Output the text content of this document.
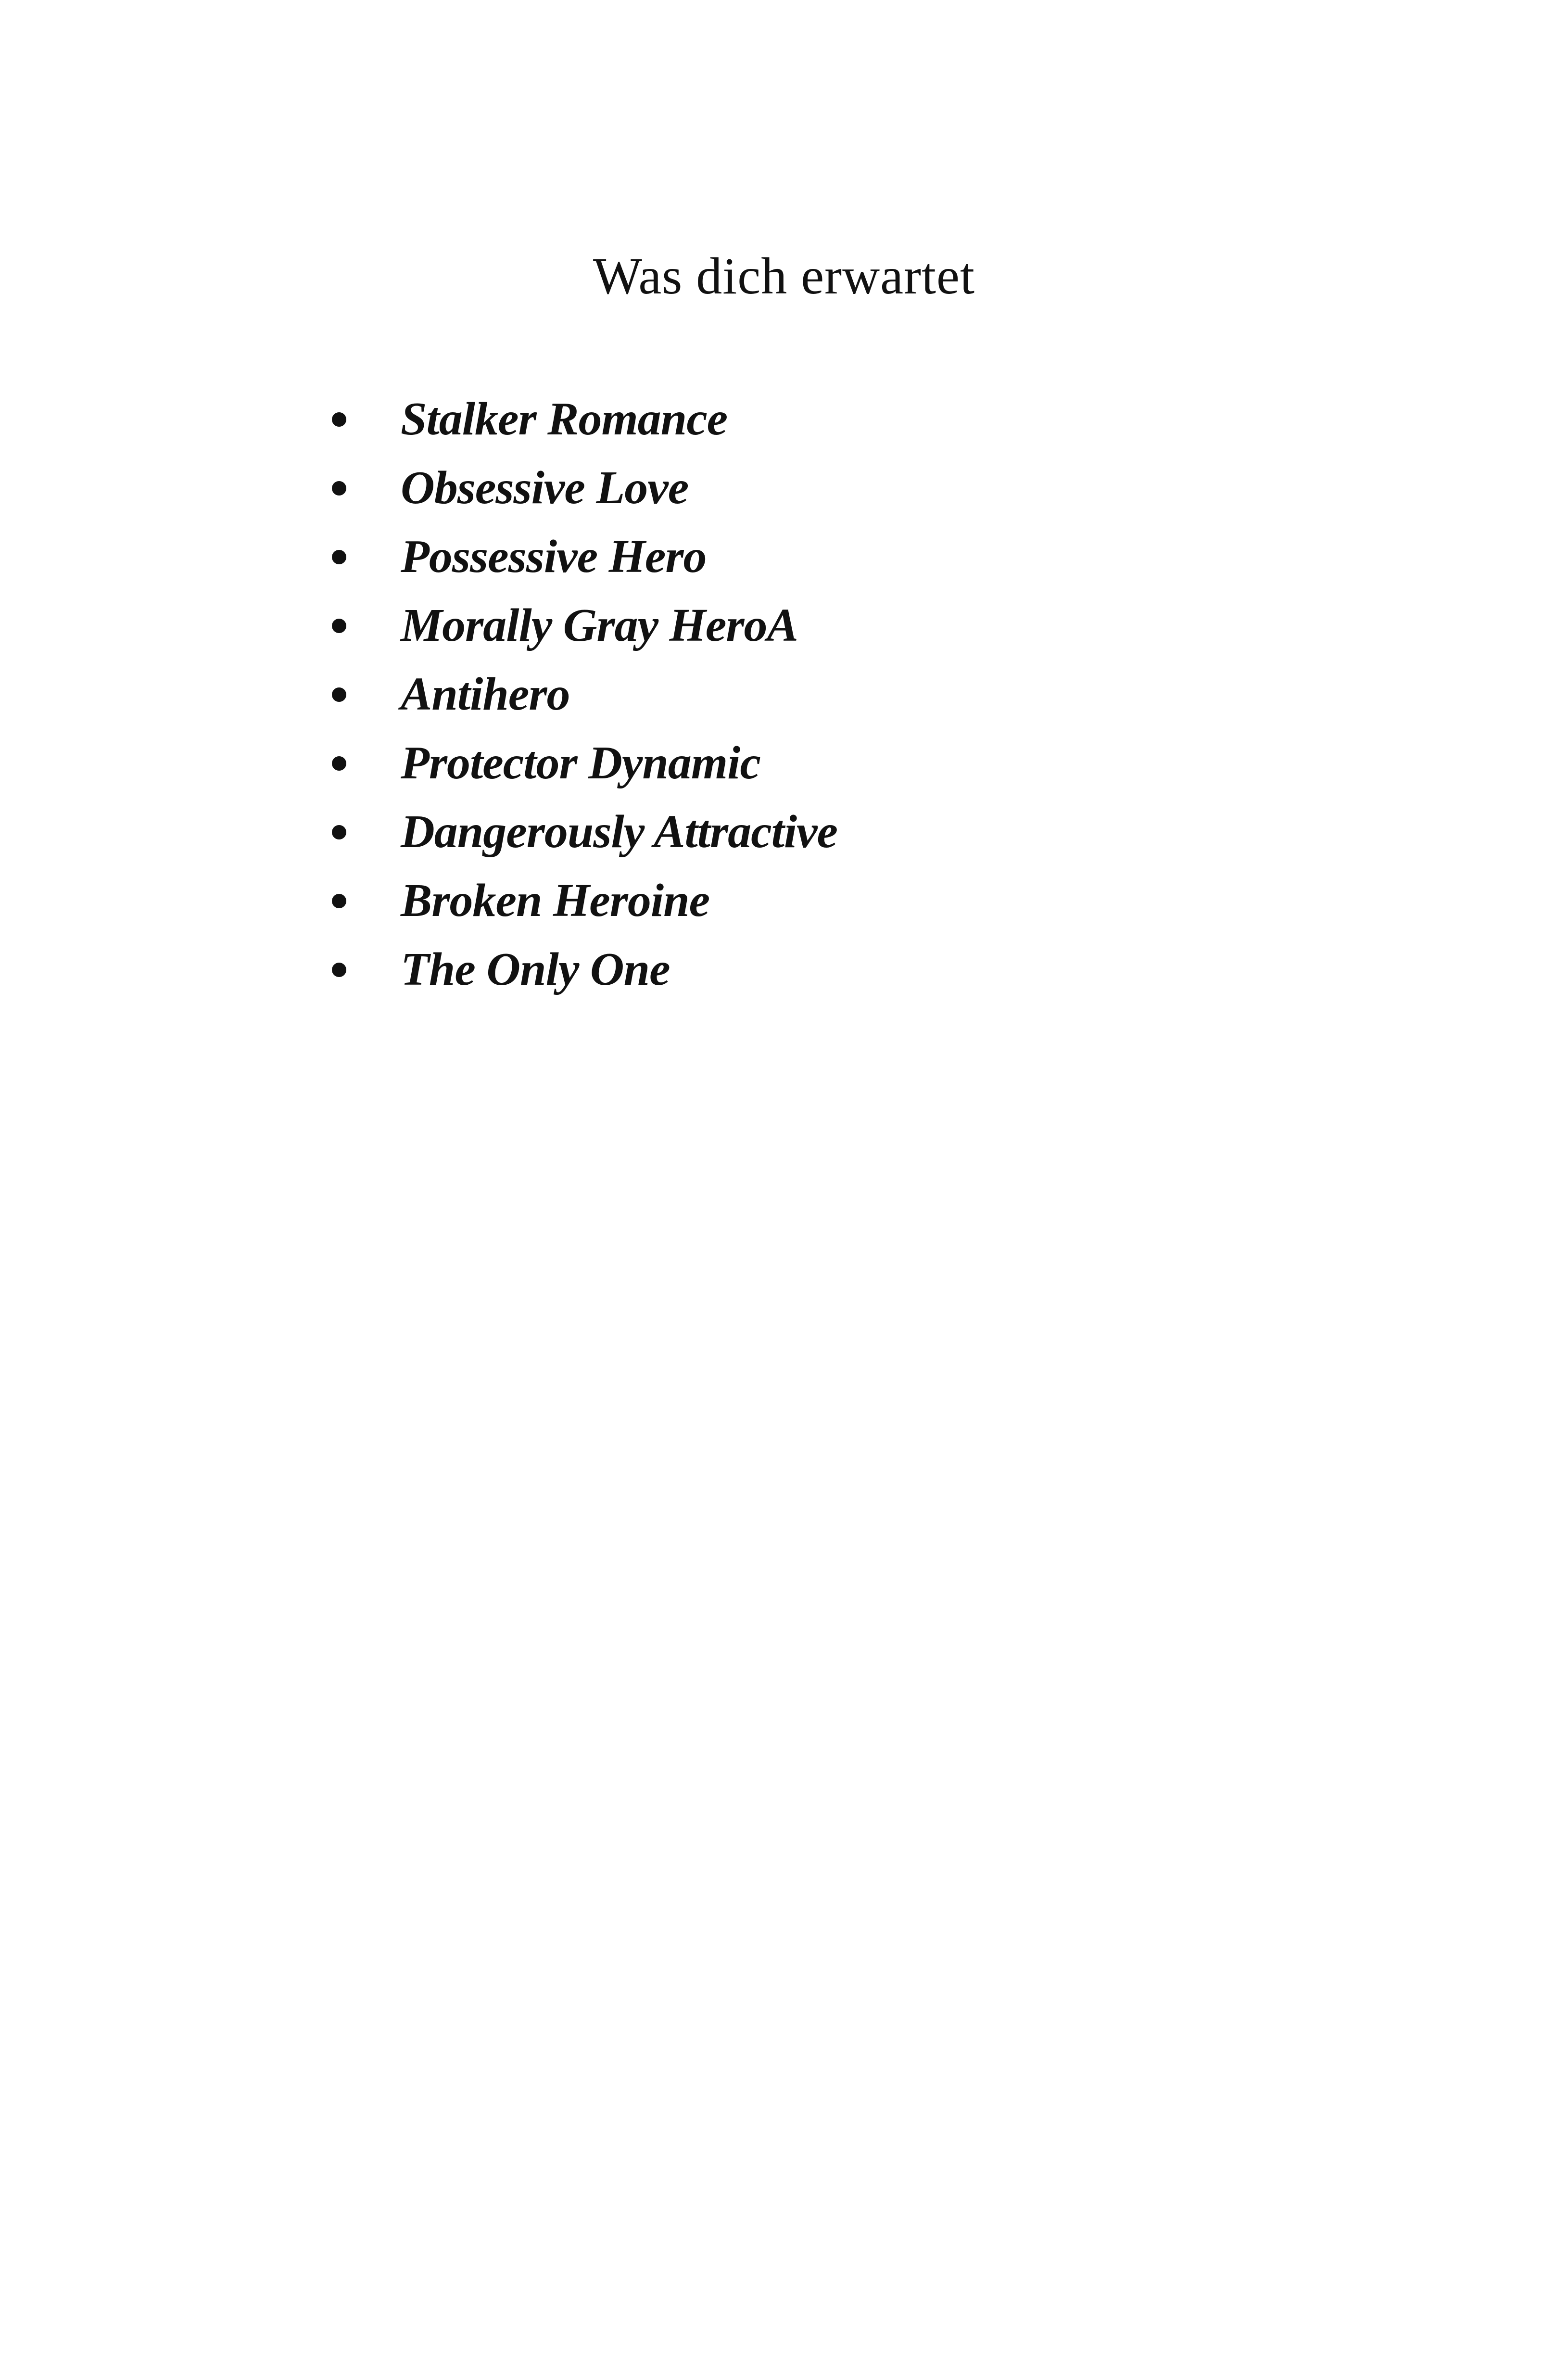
Was dich erwartet
Stalker Romance
Obsessive Love
Possessive Hero
Morally Gray HeroA
Antihero
Protector Dynamic
Dangerously Attractive
Broken Heroine
The Only One
